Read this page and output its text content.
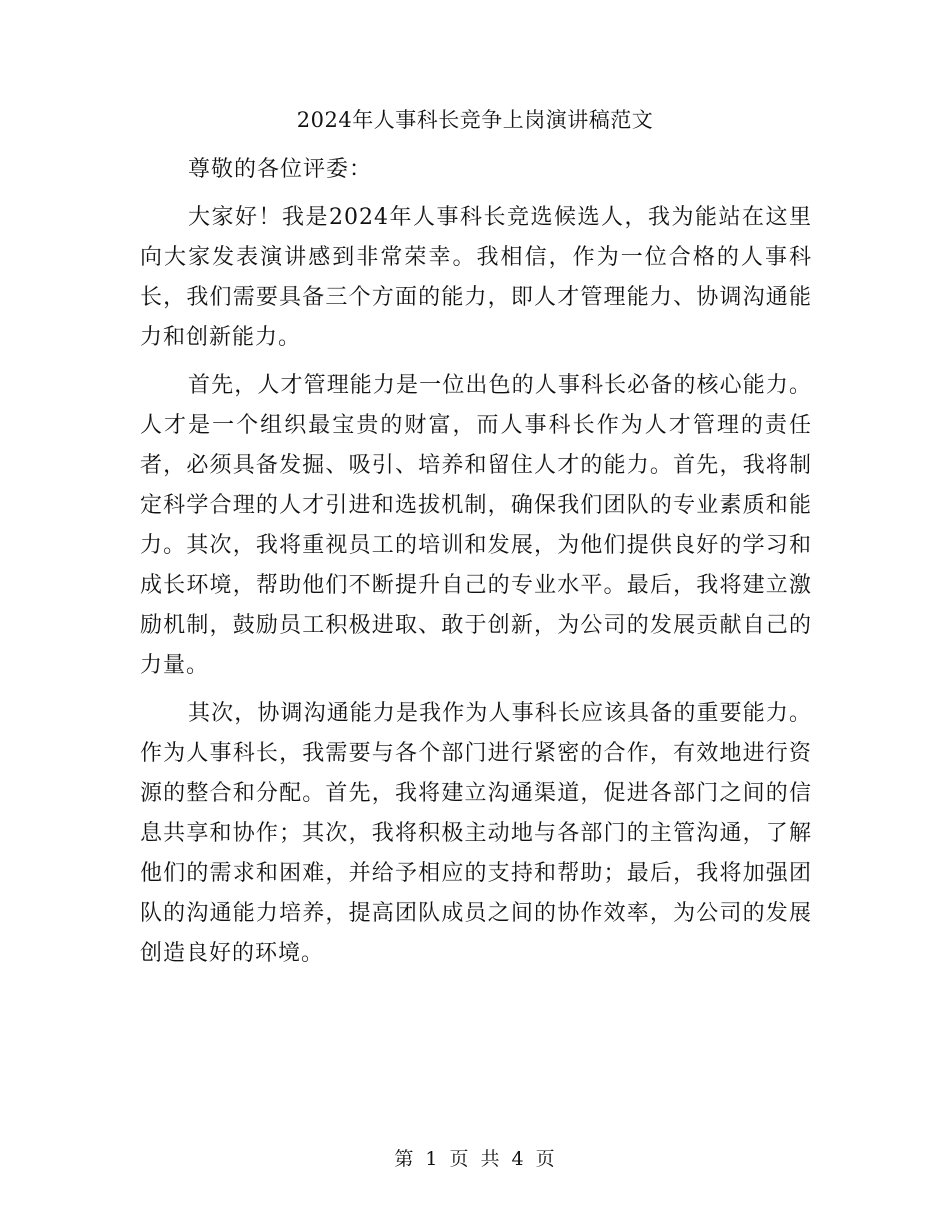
2024年人事科长竞争上岗演讲稿范文

尊敬的各位评委：

大家好！我是2024年人事科长竞选候选人，我为能站在这里向大家发表演讲感到非常荣幸。我相信，作为一位合格的人事科长，我们需要具备三个方面的能力，即人才管理能力、协调沟通能力和创新能力。

首先，人才管理能力是一位出色的人事科长必备的核心能力。人才是一个组织最宝贵的财富，而人事科长作为人才管理的责任者，必须具备发掘、吸引、培养和留住人才的能力。首先，我将制定科学合理的人才引进和选拔机制，确保我们团队的专业素质和能力。其次，我将重视员工的培训和发展，为他们提供良好的学习和成长环境，帮助他们不断提升自己的专业水平。最后，我将建立激励机制，鼓励员工积极进取、敢于创新，为公司的发展贡献自己的力量。

其次，协调沟通能力是我作为人事科长应该具备的重要能力。作为人事科长，我需要与各个部门进行紧密的合作，有效地进行资源的整合和分配。首先，我将建立沟通渠道，促进各部门之间的信息共享和协作；其次，我将积极主动地与各部门的主管沟通，了解他们的需求和困难，并给予相应的支持和帮助；最后，我将加强团队的沟通能力培养，提高团队成员之间的协作效率，为公司的发展创造良好的环境。

第 1 页 共 4 页
